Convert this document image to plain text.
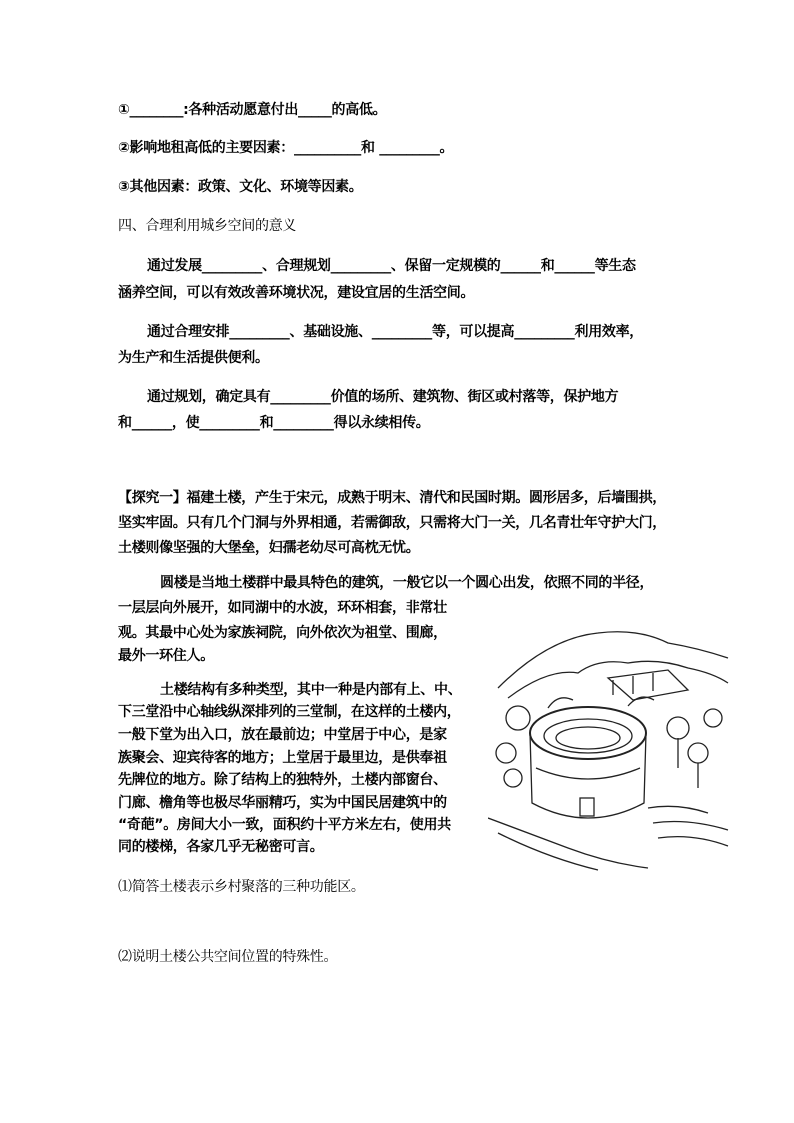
①________:各种活动愿意付出_____的高低。
②影响地租高低的主要因素：__________和 _________。
③其他因素：政策、文化、环境等因素。
四、合理利用城乡空间的意义
通过发展_________、合理规划_________、保留一定规模的______和______等生态
涵养空间，可以有效改善环境状况，建设宜居的生活空间。
通过合理安排_________、基础设施、_________等，可以提高_________利用效率，
为生产和生活提供便利。
通过规划，确定具有_________价值的场所、建筑物、街区或村落等，保护地方
和______，使_________和_________得以永续相传。
【探究一】福建土楼，产生于宋元，成熟于明末、清代和民国时期。圆形居多，后墙围拱，
坚实牢固。只有几个门洞与外界相通，若需御敌，只需将大门一关，几名青壮年守护大门，
土楼则像坚强的大堡垒，妇孺老幼尽可高枕无忧。
圆楼是当地土楼群中最具特色的建筑，一般它以一个圆心出发，依照不同的半径，
一层层向外展开，如同湖中的水波，环环相套，非常壮
观。其最中心处为家族祠院，向外依次为祖堂、围廊，
最外一环住人。
土楼结构有多种类型，其中一种是内部有上、中、
下三堂沿中心轴线纵深排列的三堂制，在这样的土楼内，
一般下堂为出入口，放在最前边；中堂居于中心，是家
族聚会、迎宾待客的地方；上堂居于最里边，是供奉祖
先牌位的地方。除了结构上的独特外，土楼内部窗台、
门廊、檐角等也极尽华丽精巧，实为中国民居建筑中的
“奇葩”。房间大小一致，面积约十平方米左右，使用共
同的楼梯，各家几乎无秘密可言。
⑴简答土楼表示乡村聚落的三种功能区。
⑵说明土楼公共空间位置的特殊性。
